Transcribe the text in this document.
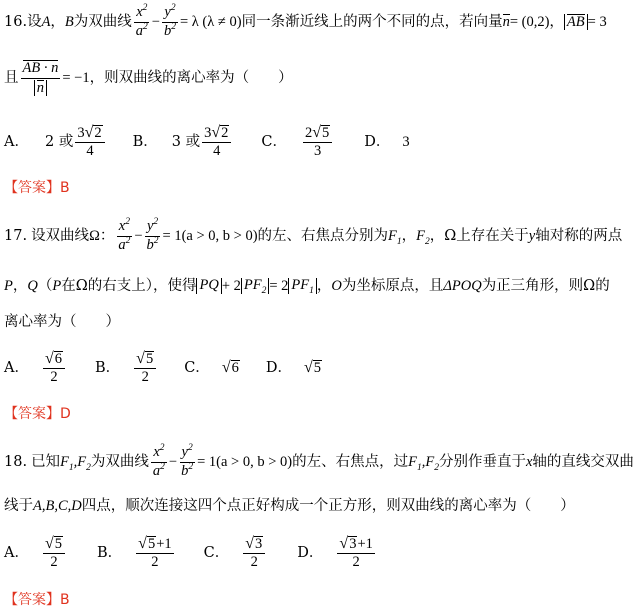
16. 设 A ， B 为双曲线 $\frac{x^2}{a^2} - \frac{y^2}{b^2} = \lambda$ (λ ≠ 0) 同一条渐近线上的两个不同的点，若向量 n = (0,2) ， AB = 3
且 $\frac{AB \cdot n}{n} = -1$ ，则双曲线的离心率为（　　）
A． 2 或 $\frac{3 √ 2}{4}$ B． 3 或 $\frac{3 √ 2}{4}$ C． $\frac{2 √ 5}{3}$ D． 3
【答案】 B
17. 设双曲线 Ω ： $\frac{x^2}{a^2} - \frac{y^2}{b^2} = 1(a > 0$, b > 0) 的左、右焦点分别为 $F_1$ ， $F_2$ ，Ω上存在关于 y 轴对称的两点
P ， Q （ P 在Ω的右支上），使得 PQ + 2 $PF_2 = 2$ $PF_1$ ， O 为坐标原点，且 ΔPOQ 为正三角形，则Ω的
离心率为（　　）
A． $\frac{√ 6}{2}$ B． $\frac{√ 5}{2}$ C． √ 6 D． √ 5
【答案】 D
18. 已知 $F_1,F_2$ 为双曲线 $\frac{x^2}{a^2} - \frac{y^2}{b^2} = 1(a > 0$, b > 0) 的左、右焦点，过 $F_1,F_2$ 分别作垂直于 x 轴的直线交双曲
线于 A,B,C,D 四点，顺次连接这四个点正好构成一个正方形，则双曲线的离心率为（　　）
A． $\frac{√ 5}{2}$ B． $\frac{√ 5 +1}{2}$ C． $\frac{√ 3}{2}$ D． $\frac{√ 3 +1}{2}$
【答案】 B
